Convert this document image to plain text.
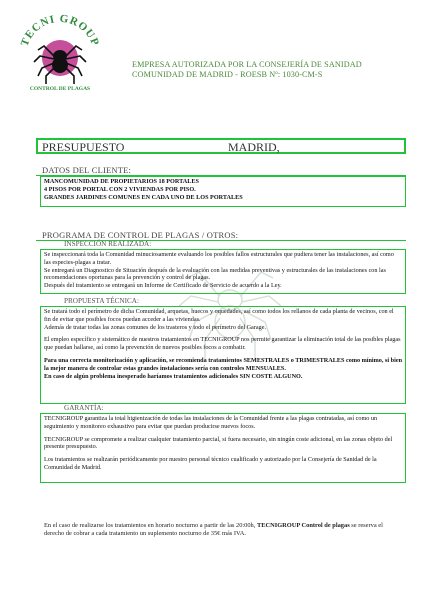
TECNI GROUP
CONTROL DE PLAGAS
EMPRESA AUTORIZADA POR LA CONSEJERÍA DE SANIDAD
COMUNIDAD DE MADRID - ROESB Nº: 1030-CM-S
PRESUPUESTO	MADRID,
DATOS DEL CLIENTE:

MANCOMUNIDAD DE PROPIETARIOS 18 PORTALES

4 PISOS POR PORTAL CON 2 VIVIENDAS POR PISO.

GRANDES JARDINES COMUNES EN CADA UNO DE LOS PORTALES

PROGRAMA DE CONTROL DE PLAGAS / OTROS:
INSPECCIÓN REALIZADA:

Se inspeccionará toda la Comunidad minuciosamente evaluando los posibles fallos estructurales que pudiera tener las instalaciones, así como las especies-plagas a tratar.

Se entregará un Diagnostico de Situación después de la evaluación con las medidas preventivas y estructurales de las instalaciones con las recomendaciones oportunas para la prevención y control de plagas.

Después del tratamiento se entregará un Informe de Certificado de Servicio de acuerdo a la Ley.

PROPUESTA TÉCNICA:

Se tratará todo el perímetro de dicha Comunidad, arquetas, huecos y oquedades, así como todos los rellanos de cada planta de vecinos, con el fin de evitar que posibles focos puedan acceder a las viviendas.

Además de tratar todas las zonas comunes de los trasteros y todo el perímetro del Garage.

El empleo específico y sistemático de nuestros tratamientos en TECNIGROUP nos permite garantizar la eliminación total de las posibles plagas que puedan hallarse, así como la prevención de nuevos posibles focos a combatir.

Para una correcta monitorización y aplicación, se recomienda tratamientos SEMESTRALES o TRIMESTRALES como mínimo, si bien la mejor manera de controlar estas grandes instalaciones sería con controles MENSUALES.

En caso de algún problema inesperado haríamos tratamientos adicionales SIN COSTE ALGUNO.

GARANTÍA:

TECNIGROUP garantiza la total higienización de todas las instalaciones de la Comunidad frente a las plagas contratadas, así como un seguimiento y monitoreo exhaustivo para evitar que puedan producirse nuevos focos.

TECNIGROUP se compromete a realizar cualquier tratamiento parcial, si fuera necesario, sin ningún coste adicional, en las zonas objeto del presente presupuesto.

Los tratamientos se realizarán periódicamente por nuestro personal técnico cualificado y autorizado por la Consejería de Sanidad de la Comunidad de Madrid.

En el caso de realizarse los tratamientos en horario nocturno a partir de las 20:00h, TECNIGROUP Control de plagas se reserva el derecho de cobrar a cada tratamiento un suplemento nocturno de 35€ más IVA.
